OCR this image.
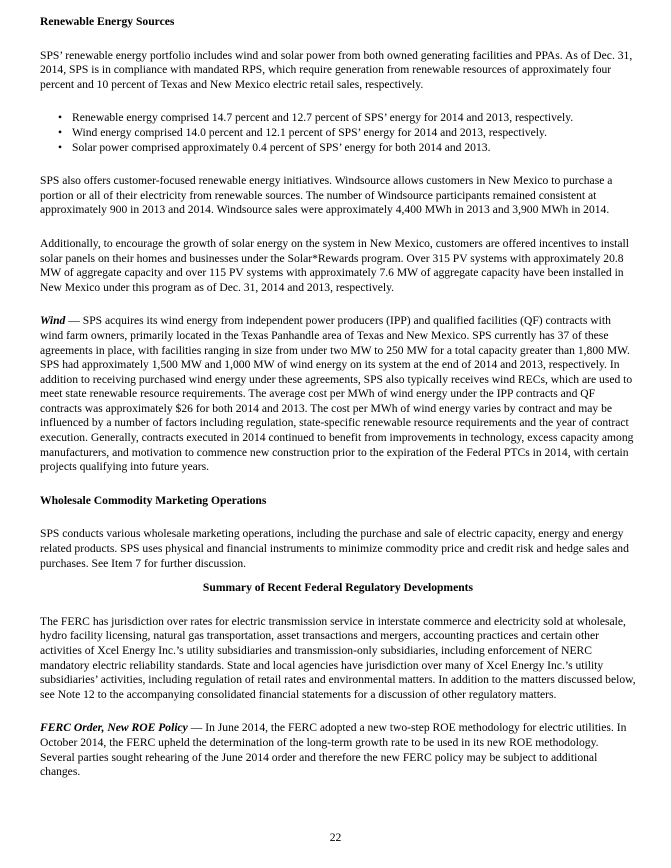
Renewable Energy Sources

SPS’ renewable energy portfolio includes wind and solar power from both owned generating facilities and PPAs. As of Dec. 31, 2014, SPS is in compliance with mandated RPS, which require generation from renewable resources of approximately four percent and 10 percent of Texas and New Mexico electric retail sales, respectively.

• Renewable energy comprised 14.7 percent and 12.7 percent of SPS’ energy for 2014 and 2013, respectively.
• Wind energy comprised 14.0 percent and 12.1 percent of SPS’ energy for 2014 and 2013, respectively.
• Solar power comprised approximately 0.4 percent of SPS’ energy for both 2014 and 2013.

SPS also offers customer-focused renewable energy initiatives. Windsource allows customers in New Mexico to purchase a portion or all of their electricity from renewable sources. The number of Windsource participants remained consistent at approximately 900 in 2013 and 2014. Windsource sales were approximately 4,400 MWh in 2013 and 3,900 MWh in 2014.

Additionally, to encourage the growth of solar energy on the system in New Mexico, customers are offered incentives to install solar panels on their homes and businesses under the Solar*Rewards program. Over 315 PV systems with approximately 20.8 MW of aggregate capacity and over 115 PV systems with approximately 7.6 MW of aggregate capacity have been installed in New Mexico under this program as of Dec. 31, 2014 and 2013, respectively.

Wind — SPS acquires its wind energy from independent power producers (IPP) and qualified facilities (QF) contracts with wind farm owners, primarily located in the Texas Panhandle area of Texas and New Mexico. SPS currently has 37 of these agreements in place, with facilities ranging in size from under two MW to 250 MW for a total capacity greater than 1,800 MW. SPS had approximately 1,500 MW and 1,000 MW of wind energy on its system at the end of 2014 and 2013, respectively. In addition to receiving purchased wind energy under these agreements, SPS also typically receives wind RECs, which are used to meet state renewable resource requirements. The average cost per MWh of wind energy under the IPP contracts and QF contracts was approximately $26 for both 2014 and 2013. The cost per MWh of wind energy varies by contract and may be influenced by a number of factors including regulation, state-specific renewable resource requirements and the year of contract execution. Generally, contracts executed in 2014 continued to benefit from improvements in technology, excess capacity among manufacturers, and motivation to commence new construction prior to the expiration of the Federal PTCs in 2014, with certain projects qualifying into future years.

Wholesale Commodity Marketing Operations

SPS conducts various wholesale marketing operations, including the purchase and sale of electric capacity, energy and energy related products. SPS uses physical and financial instruments to minimize commodity price and credit risk and hedge sales and purchases. See Item 7 for further discussion.

Summary of Recent Federal Regulatory Developments

The FERC has jurisdiction over rates for electric transmission service in interstate commerce and electricity sold at wholesale, hydro facility licensing, natural gas transportation, asset transactions and mergers, accounting practices and certain other activities of Xcel Energy Inc.’s utility subsidiaries and transmission-only subsidiaries, including enforcement of NERC mandatory electric reliability standards. State and local agencies have jurisdiction over many of Xcel Energy Inc.’s utility subsidiaries’ activities, including regulation of retail rates and environmental matters. In addition to the matters discussed below, see Note 12 to the accompanying consolidated financial statements for a discussion of other regulatory matters.

FERC Order, New ROE Policy — In June 2014, the FERC adopted a new two-step ROE methodology for electric utilities. In October 2014, the FERC upheld the determination of the long-term growth rate to be used in its new ROE methodology. Several parties sought rehearing of the June 2014 order and therefore the new FERC policy may be subject to additional changes.

22
